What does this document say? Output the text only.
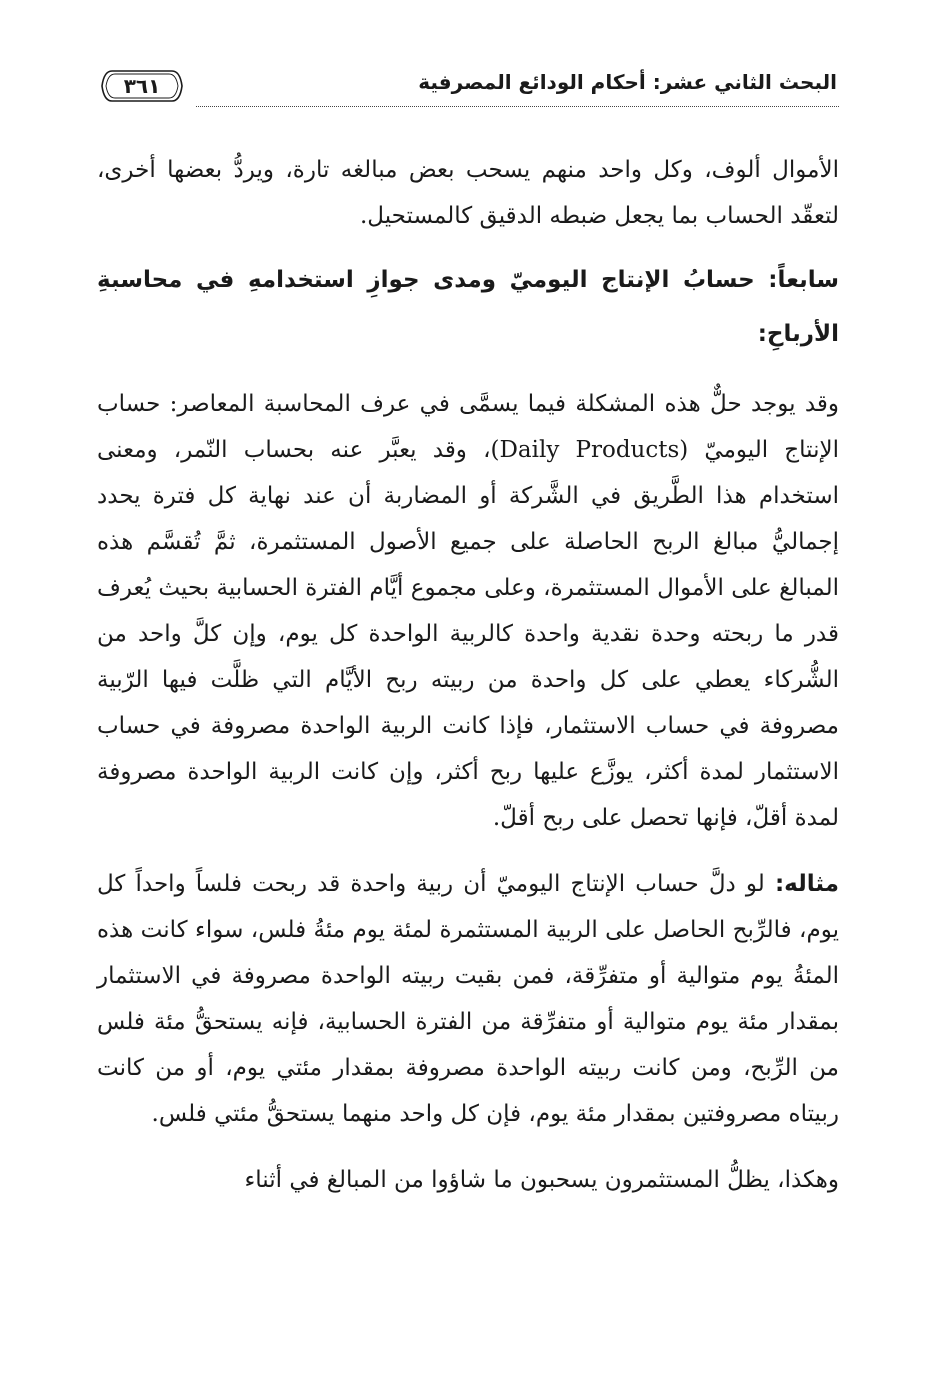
البحث الثاني عشر: أحكام الودائع المصرفية
٣٦١

الأموال ألوف، وكل واحد منهم يسحب بعض مبالغه تارة، ويردُّ بعضها أخرى، لتعقّد الحساب بما يجعل ضبطه الدقيق كالمستحيل.

سابعاً: حسابُ الإنتاج اليوميّ ومدى جوازِ استخدامهِ في محاسبةِ الأرباحِ:

وقد يوجد حلٌّ هذه المشكلة فيما يسمَّى في عرف المحاسبة المعاصر: حساب الإنتاج اليوميّ (Daily Products)، وقد يعبَّر عنه بحساب النّمر، ومعنى استخدام هذا الطَّريق في الشَّركة أو المضاربة أن عند نهاية كل فترة يحدد إجماليُّ مبالغ الربح الحاصلة على جميع الأصول المستثمرة، ثمَّ تُقسَّم هذه المبالغ على الأموال المستثمرة، وعلى مجموع أيَّام الفترة الحسابية بحيث يُعرف قدر ما ربحته وحدة نقدية واحدة كالربية الواحدة كل يوم، وإن كلَّ واحد من الشُّركاء يعطي على كل واحدة من ربيته ربح الأيَّام التي ظلَّت فيها الرّبية مصروفة في حساب الاستثمار، فإذا كانت الربية الواحدة مصروفة في حساب الاستثمار لمدة أكثر، يوزَّع عليها ربح أكثر، وإن كانت الربية الواحدة مصروفة لمدة أقلّ، فإنها تحصل على ربح أقلّ.

مثاله: لو دلَّ حساب الإنتاج اليوميّ أن ربية واحدة قد ربحت فلساً واحداً كل يوم، فالرِّبح الحاصل على الربية المستثمرة لمئة يوم مئةُ فلس، سواء كانت هذه المئةُ يوم متوالية أو متفرِّقة، فمن بقيت ربيته الواحدة مصروفة في الاستثمار بمقدار مئة يوم متوالية أو متفرِّقة من الفترة الحسابية، فإنه يستحقُّ مئة فلس من الرِّبح، ومن كانت ربيته الواحدة مصروفة بمقدار مئتي يوم، أو من كانت ربيتاه مصروفتين بمقدار مئة يوم، فإن كل واحد منهما يستحقُّ مئتي فلس.

وهكذا، يظلُّ المستثمرون يسحبون ما شاؤوا من المبالغ في أثناء
